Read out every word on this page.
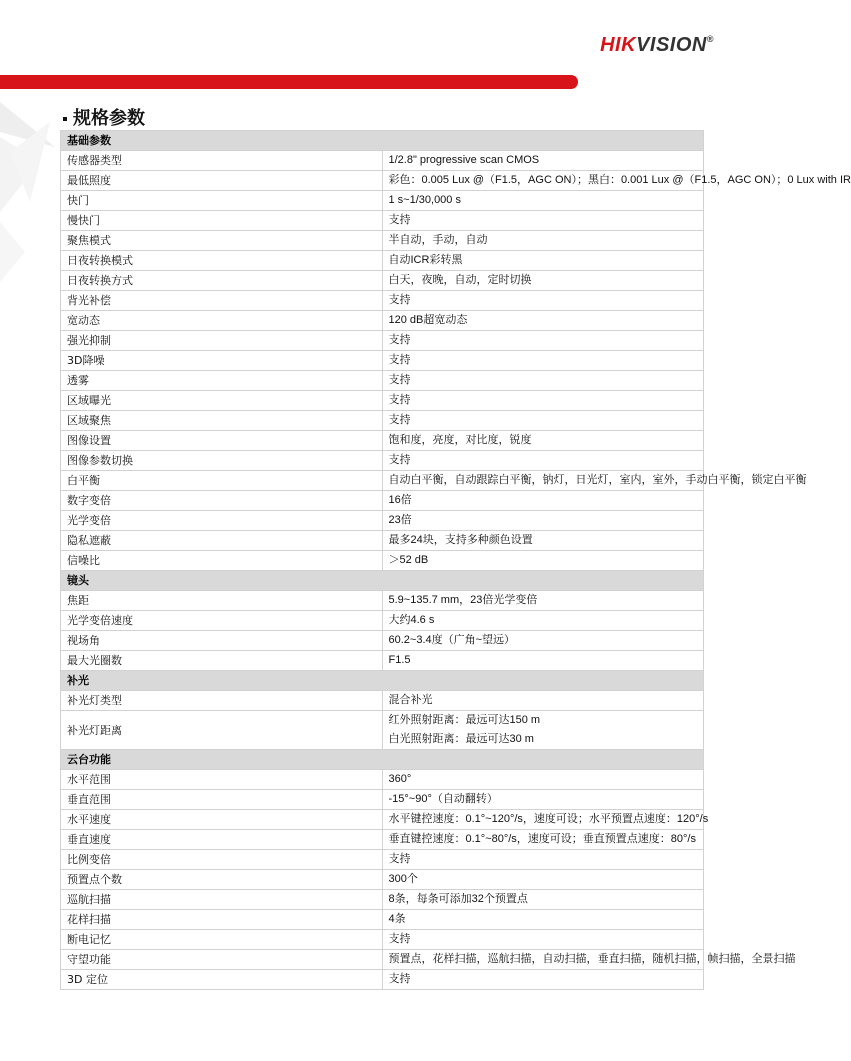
HIKVISION®
规格参数
基础参数	
传感器类型	1/2.8" progressive scan CMOS

最低照度	彩色：0.005 Lux @（F1.5，AGC ON）；黑白：0.001 Lux @（F1.5，AGC ON）；0 Lux with IR

快门	1 s~1/30,000 s

慢快门	支持

聚焦模式	半自动，手动，自动

日夜转换模式	自动ICR彩转黑

日夜转换方式	白天，夜晚，自动，定时切换

背光补偿	支持

宽动态	120 dB超宽动态

强光抑制	支持

3D降噪	支持

透雾	支持

区域曝光	支持

区域聚焦	支持

图像设置	饱和度，亮度，对比度，锐度

图像参数切换	支持

白平衡	自动白平衡，自动跟踪白平衡，钠灯，日光灯，室内，室外，手动白平衡，锁定白平衡

数字变倍	16倍

光学变倍	23倍

隐私遮蔽	最多24块，支持多种颜色设置

信噪比	＞52 dB

镜头	
焦距	5.9~135.7 mm，23倍光学变倍

光学变倍速度	大约4.6 s

视场角	60.2~3.4度（广角~望远）

最大光圈数	F1.5

补光	
补光灯类型	混合补光

补光灯距离	红外照射距离：最远可达150 m
白光照射距离：最远可达30 m

云台功能	
水平范围	360°

垂直范围	-15°~90°（自动翻转）

水平速度	水平键控速度：0.1°~120°/s，速度可设；水平预置点速度：120°/s

垂直速度	垂直键控速度：0.1°~80°/s，速度可设；垂直预置点速度：80°/s

比例变倍	支持

预置点个数	300个

巡航扫描	8条，每条可添加32个预置点

花样扫描	4条

断电记忆	支持

守望功能	预置点，花样扫描，巡航扫描，自动扫描，垂直扫描，随机扫描，帧扫描，全景扫描

3D 定位	支持
